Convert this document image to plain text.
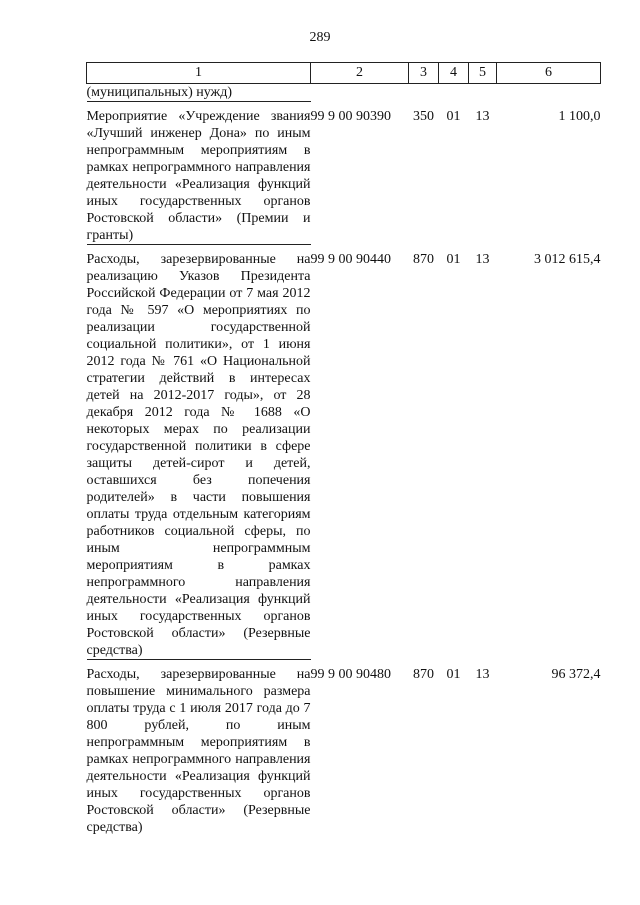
289
1	2	3	4	5	6
(муниципальных) нужд)					

Мероприятие «Учреждение звания «Лучший инженер Дона» по иным непрограммным мероприятиям в рамках непрограммного направления деятельности «Реализация функций иных государственных органов Ростовской области» (Премии и гранты)	99 9 00 90390	350	01	13	1 100,0

Расходы, зарезервированные на реализацию Указов Президента Российской Федерации от 7 мая 2012 года № 597 «О мероприятиях по реализации государственной социальной политики», от 1 июня 2012 года № 761 «О Национальной стратегии действий в интересах детей на 2012-2017 годы», от 28 декабря 2012 года № 1688 «О некоторых мерах по реализации государственной политики в сфере защиты детей-сирот и детей, оставшихся без попечения родителей» в части повышения оплаты труда отдельным категориям работников социальной сферы, по иным непрограммным мероприятиям в рамках непрограммного направления деятельности «Реализация функций иных государственных органов Ростовской области» (Резервные средства)	99 9 00 90440	870	01	13	3 012 615,4

Расходы, зарезервированные на повышение минимального размера оплаты труда с 1 июля 2017 года до 7 800 рублей, по иным непрограммным мероприятиям в рамках непрограммного направления деятельности «Реализация функций иных государственных органов Ростовской области» (Резервные средства)	99 9 00 90480	870	01	13	96 372,4
